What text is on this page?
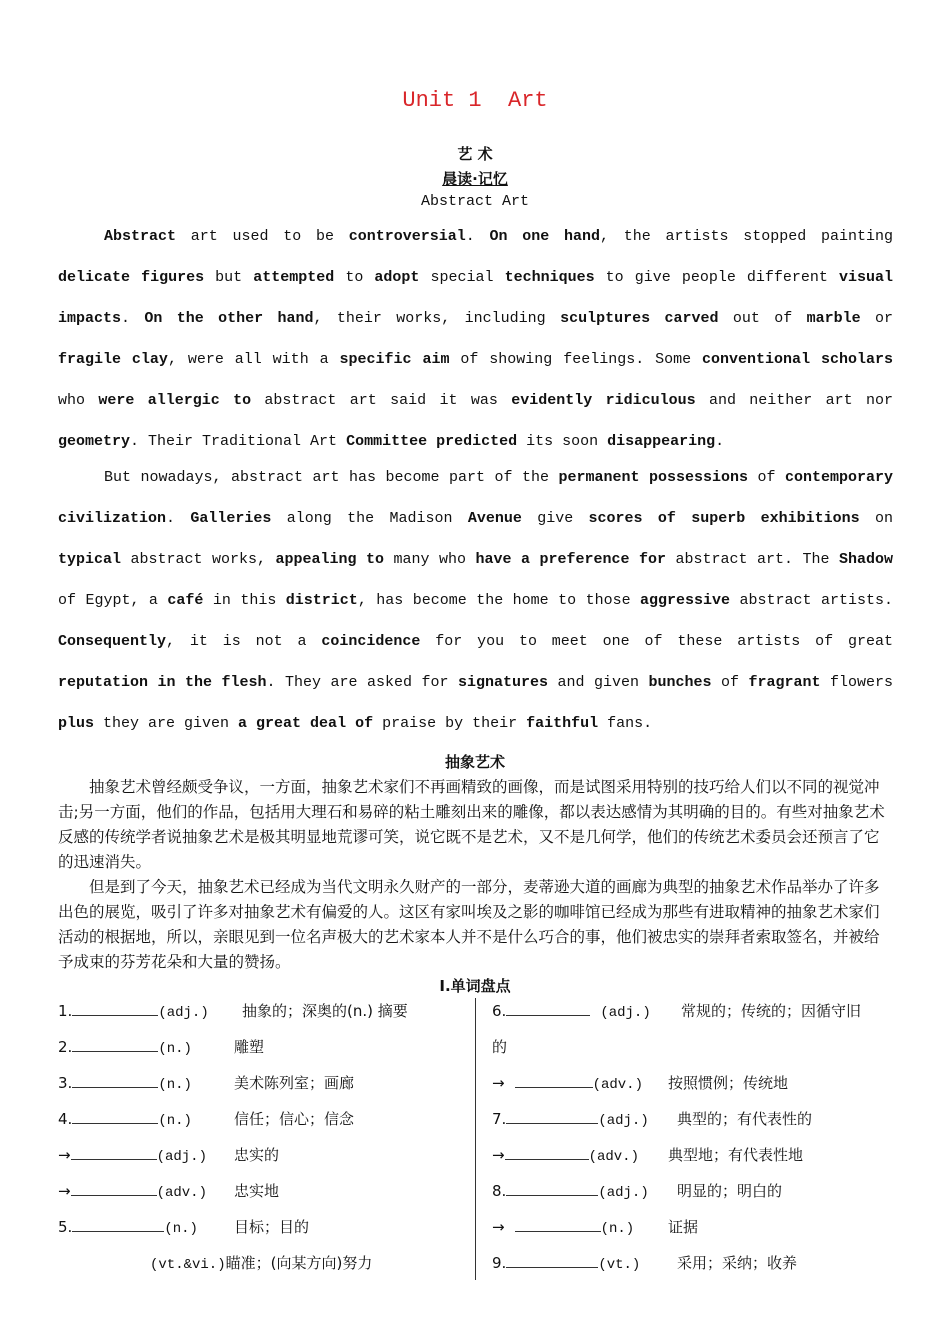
Unit 1  Art
艺 术
晨读·记忆
Abstract Art

Abstract art used to be controversial. On one hand, the artists stopped painting delicate figures but attempted to adopt special techniques to give people different visual impacts. On the other hand, their works, including sculptures carved out of marble or fragile clay, were all with a specific aim of showing feelings. Some conventional scholars who were allergic to abstract art said it was evidently ridiculous and neither art nor geometry. Their Traditional Art Committee predicted its soon disappearing.

But nowadays, abstract art has become part of the permanent possessions of contemporary civilization. Galleries along the Madison Avenue give scores of superb exhibitions on typical abstract works, appealing to many who have a preference for abstract art. The Shadow of Egypt, a café in this district, has become the home to those aggressive abstract artists. Consequently, it is not a coincidence for you to meet one of these artists of great reputation in the flesh. They are asked for signatures and given bunches of fragrant flowers plus they are given a great deal of praise by their faithful fans.

抽象艺术

抽象艺术曾经颇受争议，一方面，抽象艺术家们不再画精致的画像，而是试图采用特别的技巧给人们以不同的视觉冲击;另一方面，他们的作品，包括用大理石和易碎的粘土雕刻出来的雕像，都以表达感情为其明确的目的。有些对抽象艺术反感的传统学者说抽象艺术是极其明显地荒谬可笑，说它既不是艺术，又不是几何学，他们的传统艺术委员会还预言了它的迅速消失。

但是到了今天，抽象艺术已经成为当代文明永久财产的一部分，麦蒂逊大道的画廊为典型的抽象艺术作品举办了许多出色的展览，吸引了许多对抽象艺术有偏爱的人。这区有家叫埃及之影的咖啡馆已经成为那些有进取精神的抽象艺术家们活动的根据地，所以，亲眼见到一位名声极大的艺术家本人并不是什么巧合的事，他们被忠实的崇拜者索取签名，并被给予成束的芬芳花朵和大量的赞扬。

Ⅰ.单词盘点
1.	(adj.) 抽象的；深奥的(n.) 摘要
2.	(n.)	雕塑
3.	(n.)	美术陈列室；画廊
4.	(n.)	信任；信心；信念
→	(adj.) 忠实的
→	(adv.) 忠实地
5.	(n.) 目标；目的
(vt.&vi.)瞄准；(向某方向)努力
6.	(adj.) 常规的；传统的；因循守旧
的
→	(adv.) 按照惯例；传统地
7.	(adj.) 典型的；有代表性的
→	(adv.) 典型地；有代表性地
8.	(adj.) 明显的；明白的
→	(n.) 证据
9.	(vt.) 采用；采纳；收养
